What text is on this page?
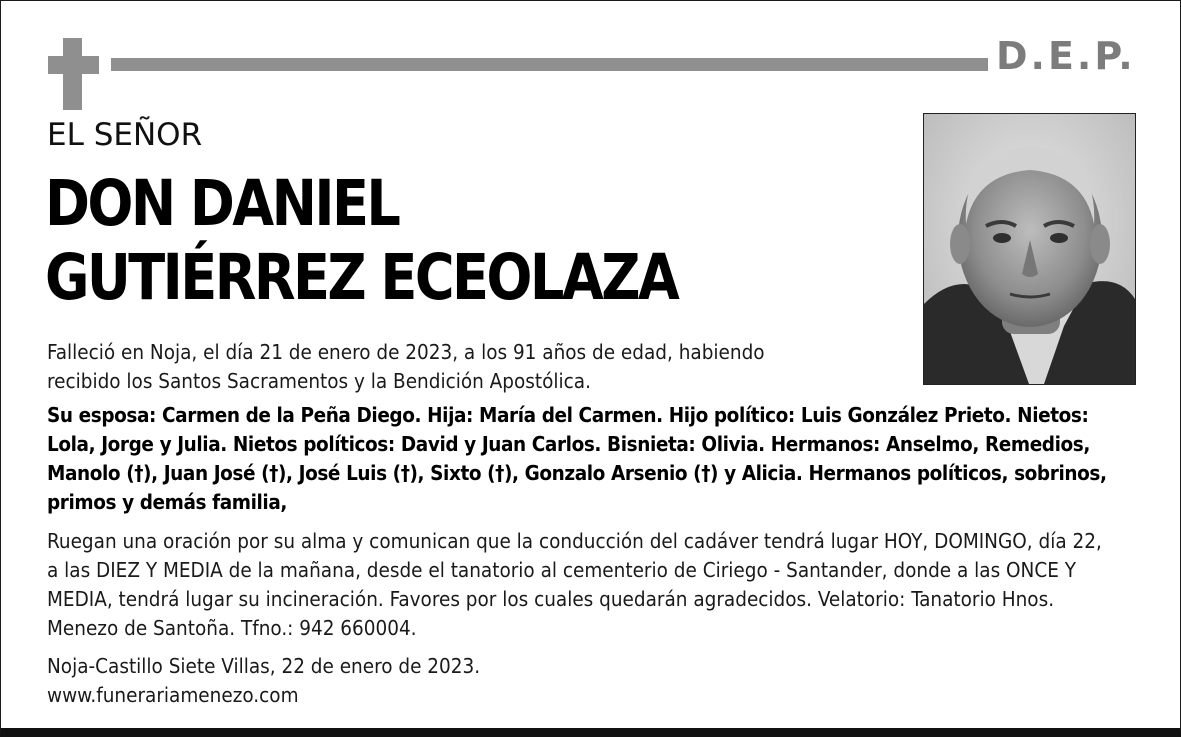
D.E.P.
EL SEÑOR
DON DANIEL
GUTIÉRREZ ECEOLAZA

Falleció en Noja, el día 21 de enero de 2023, a los 91 años de edad, habiendo recibido los Santos Sacramentos y la Bendición Apostólica.

Su esposa: Carmen de la Peña Diego. Hija: María del Carmen. Hijo político: Luis González Prieto. Nietos: Lola, Jorge y Julia. Nietos políticos: David y Juan Carlos. Bisnieta: Olivia. Hermanos: Anselmo, Remedios, Manolo (†), Juan José (†), José Luis (†), Sixto (†), Gonzalo Arsenio (†) y Alicia. Hermanos políticos, sobrinos, primos y demás familia,

Ruegan una oración por su alma y comunican que la conducción del cadáver tendrá lugar HOY, DOMINGO, día 22, a las DIEZ Y MEDIA de la mañana, desde el tanatorio al cementerio de Ciriego - Santander, donde a las ONCE Y MEDIA, tendrá lugar su incineración. Favores por los cuales quedarán agradecidos. Velatorio: Tanatorio Hnos. Menezo de Santoña. Tfno.: 942 660004.

Noja-Castillo Siete Villas, 22 de enero de 2023.

www.funerariamenezo.com
